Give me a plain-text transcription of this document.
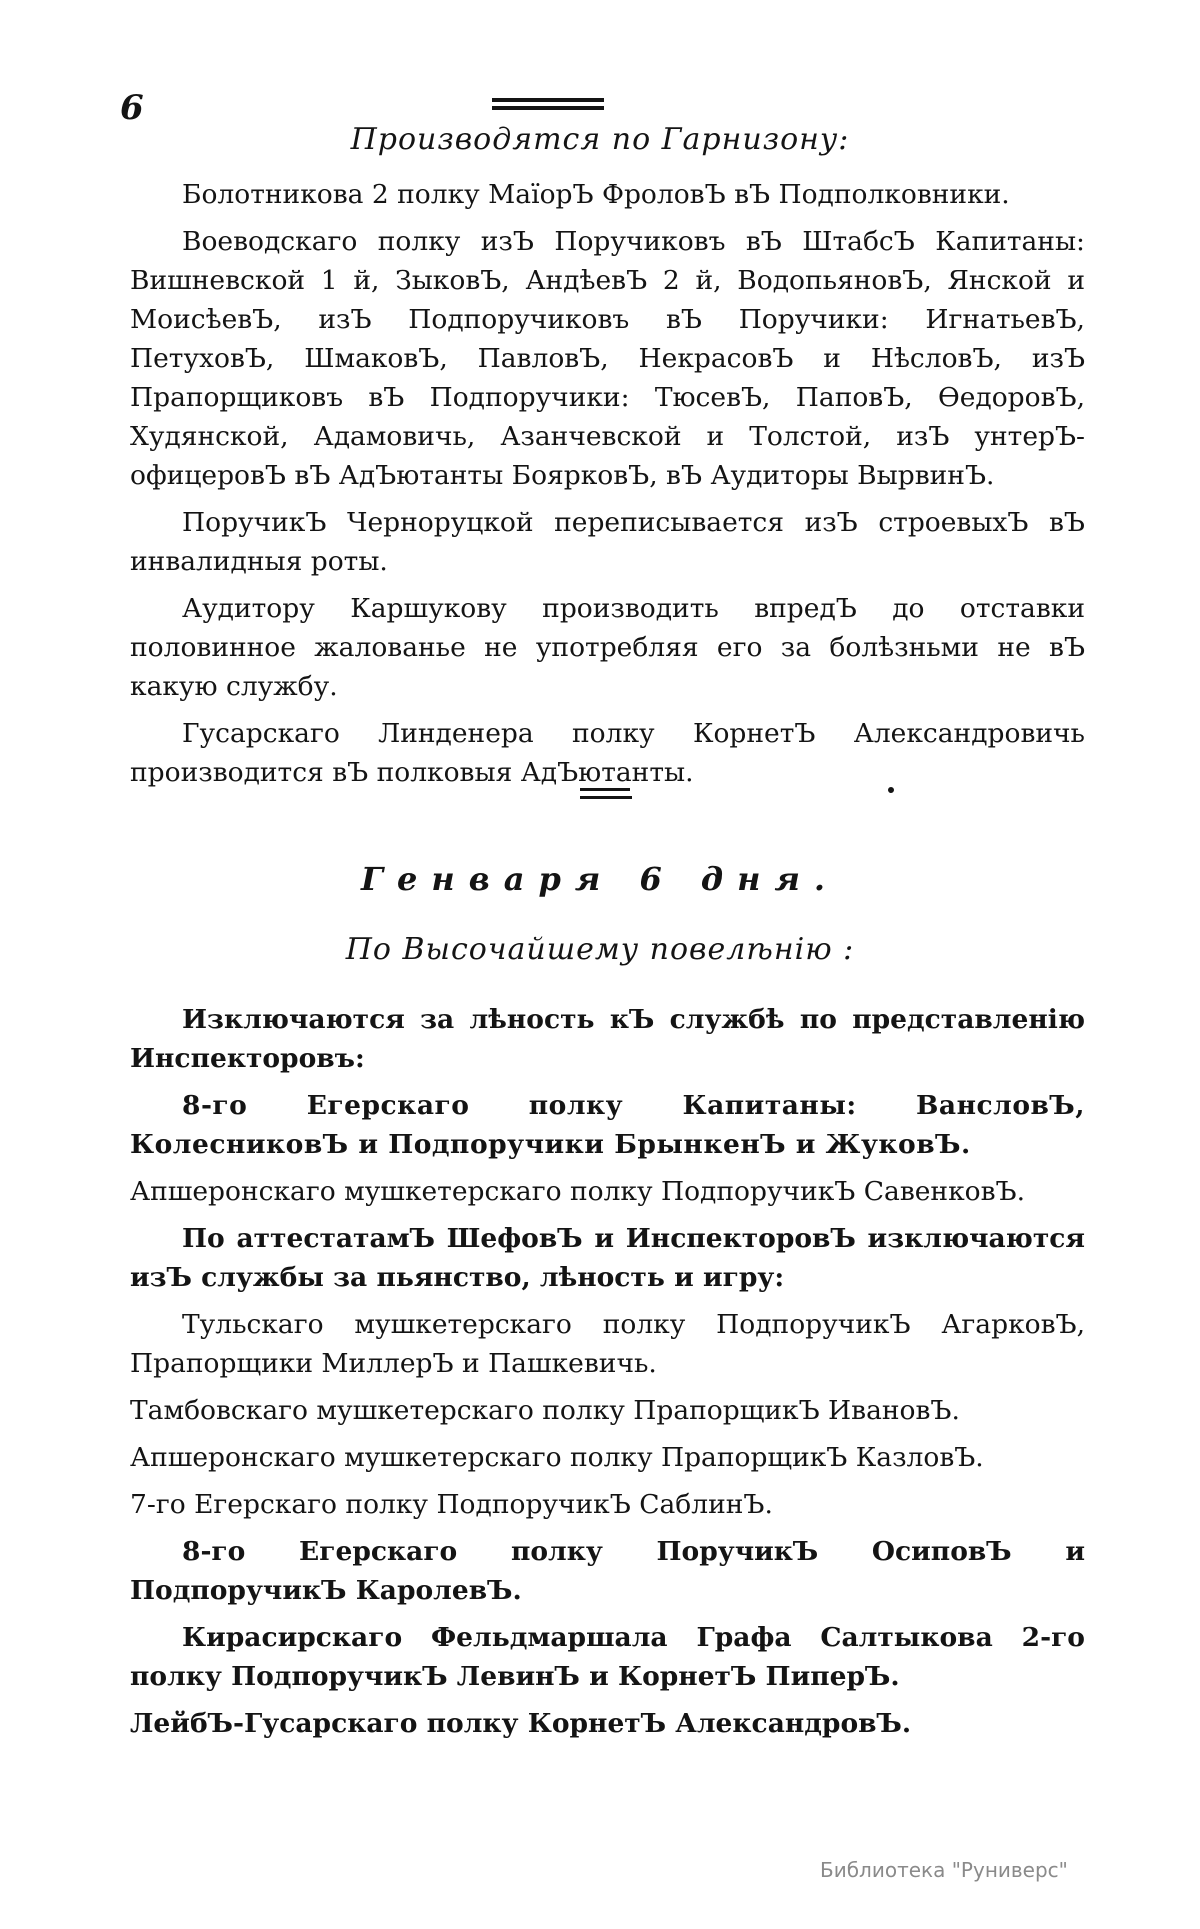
6
Производятся по Гарнизону:

Болотникова 2 полку МаїорЪ ФроловЪ вЪ Подполковники.

Воеводскаго полку изЪ Поручиковъ вЪ ШтабсЪ Капитаны: Вишневской 1 й, ЗыковЪ, АндѣевЪ 2 й, ВодопьяновЪ, Янской и МоисѣевЪ, изЪ Подпоручиковъ вЪ Поручики: ИгнатьевЪ, ПетуховЪ, ШмаковЪ, ПавловЪ, НекрасовЪ и НѣсловЪ, изЪ Прапорщиковъ вЪ Подпоручики: ТюсевЪ, ПаповЪ, ѲедоровЪ, Худянской, Адамовичь, Азанчевской и Толстой, изЪ унтерЪ-офицеровЪ вЪ АдЪютанты БоярковЪ, вЪ Аудиторы ВырвинЪ.

ПоручикЪ Черноруцкой переписывается изЪ строевыхЪ вЪ инвалидныя роты.

Аудитору Каршукову производить впредЪ до отставки половинное жалованье не употребляя его за болѣзньми не вЪ какую службу.

Гусарскаго Линденера полку КорнетЪ Александровичь производится вЪ полковыя АдЪютанты.

Генваря 6 дня.
По Высочайшему повелѣнію :

Изключаются за лѣность кЪ службѣ по представленію Инспекторовъ:

8-го Егерскаго полку Капитаны: ВансловЪ, КолесниковЪ и Подпоручики БрынкенЪ и ЖуковЪ.

Апшеронскаго мушкетерскаго полку ПодпоручикЪ СавенковЪ.

По аттестатамЪ ШефовЪ и ИнспекторовЪ изключаются изЪ службы за пьянство, лѣность и игру:

Тульскаго мушкетерскаго полку ПодпоручикЪ АгарковЪ, Прапорщики МиллерЪ и Пашкевичь.

Тамбовскаго мушкетерскаго полку ПрапорщикЪ ИвановЪ.

Апшеронскаго мушкетерскаго полку ПрапорщикЪ КазловЪ.

7-го Егерскаго полку ПодпоручикЪ СаблинЪ.

8-го Егерскаго полку ПоручикЪ ОсиповЪ и ПодпоручикЪ КаролевЪ.

Кирасирскаго Фельдмаршала Графа Салтыкова 2-го полку ПодпоручикЪ ЛевинЪ и КорнетЪ ПиперЪ.

ЛейбЪ-Гусарскаго полку КорнетЪ АлександровЪ.

Библиотека "Руниверс"
